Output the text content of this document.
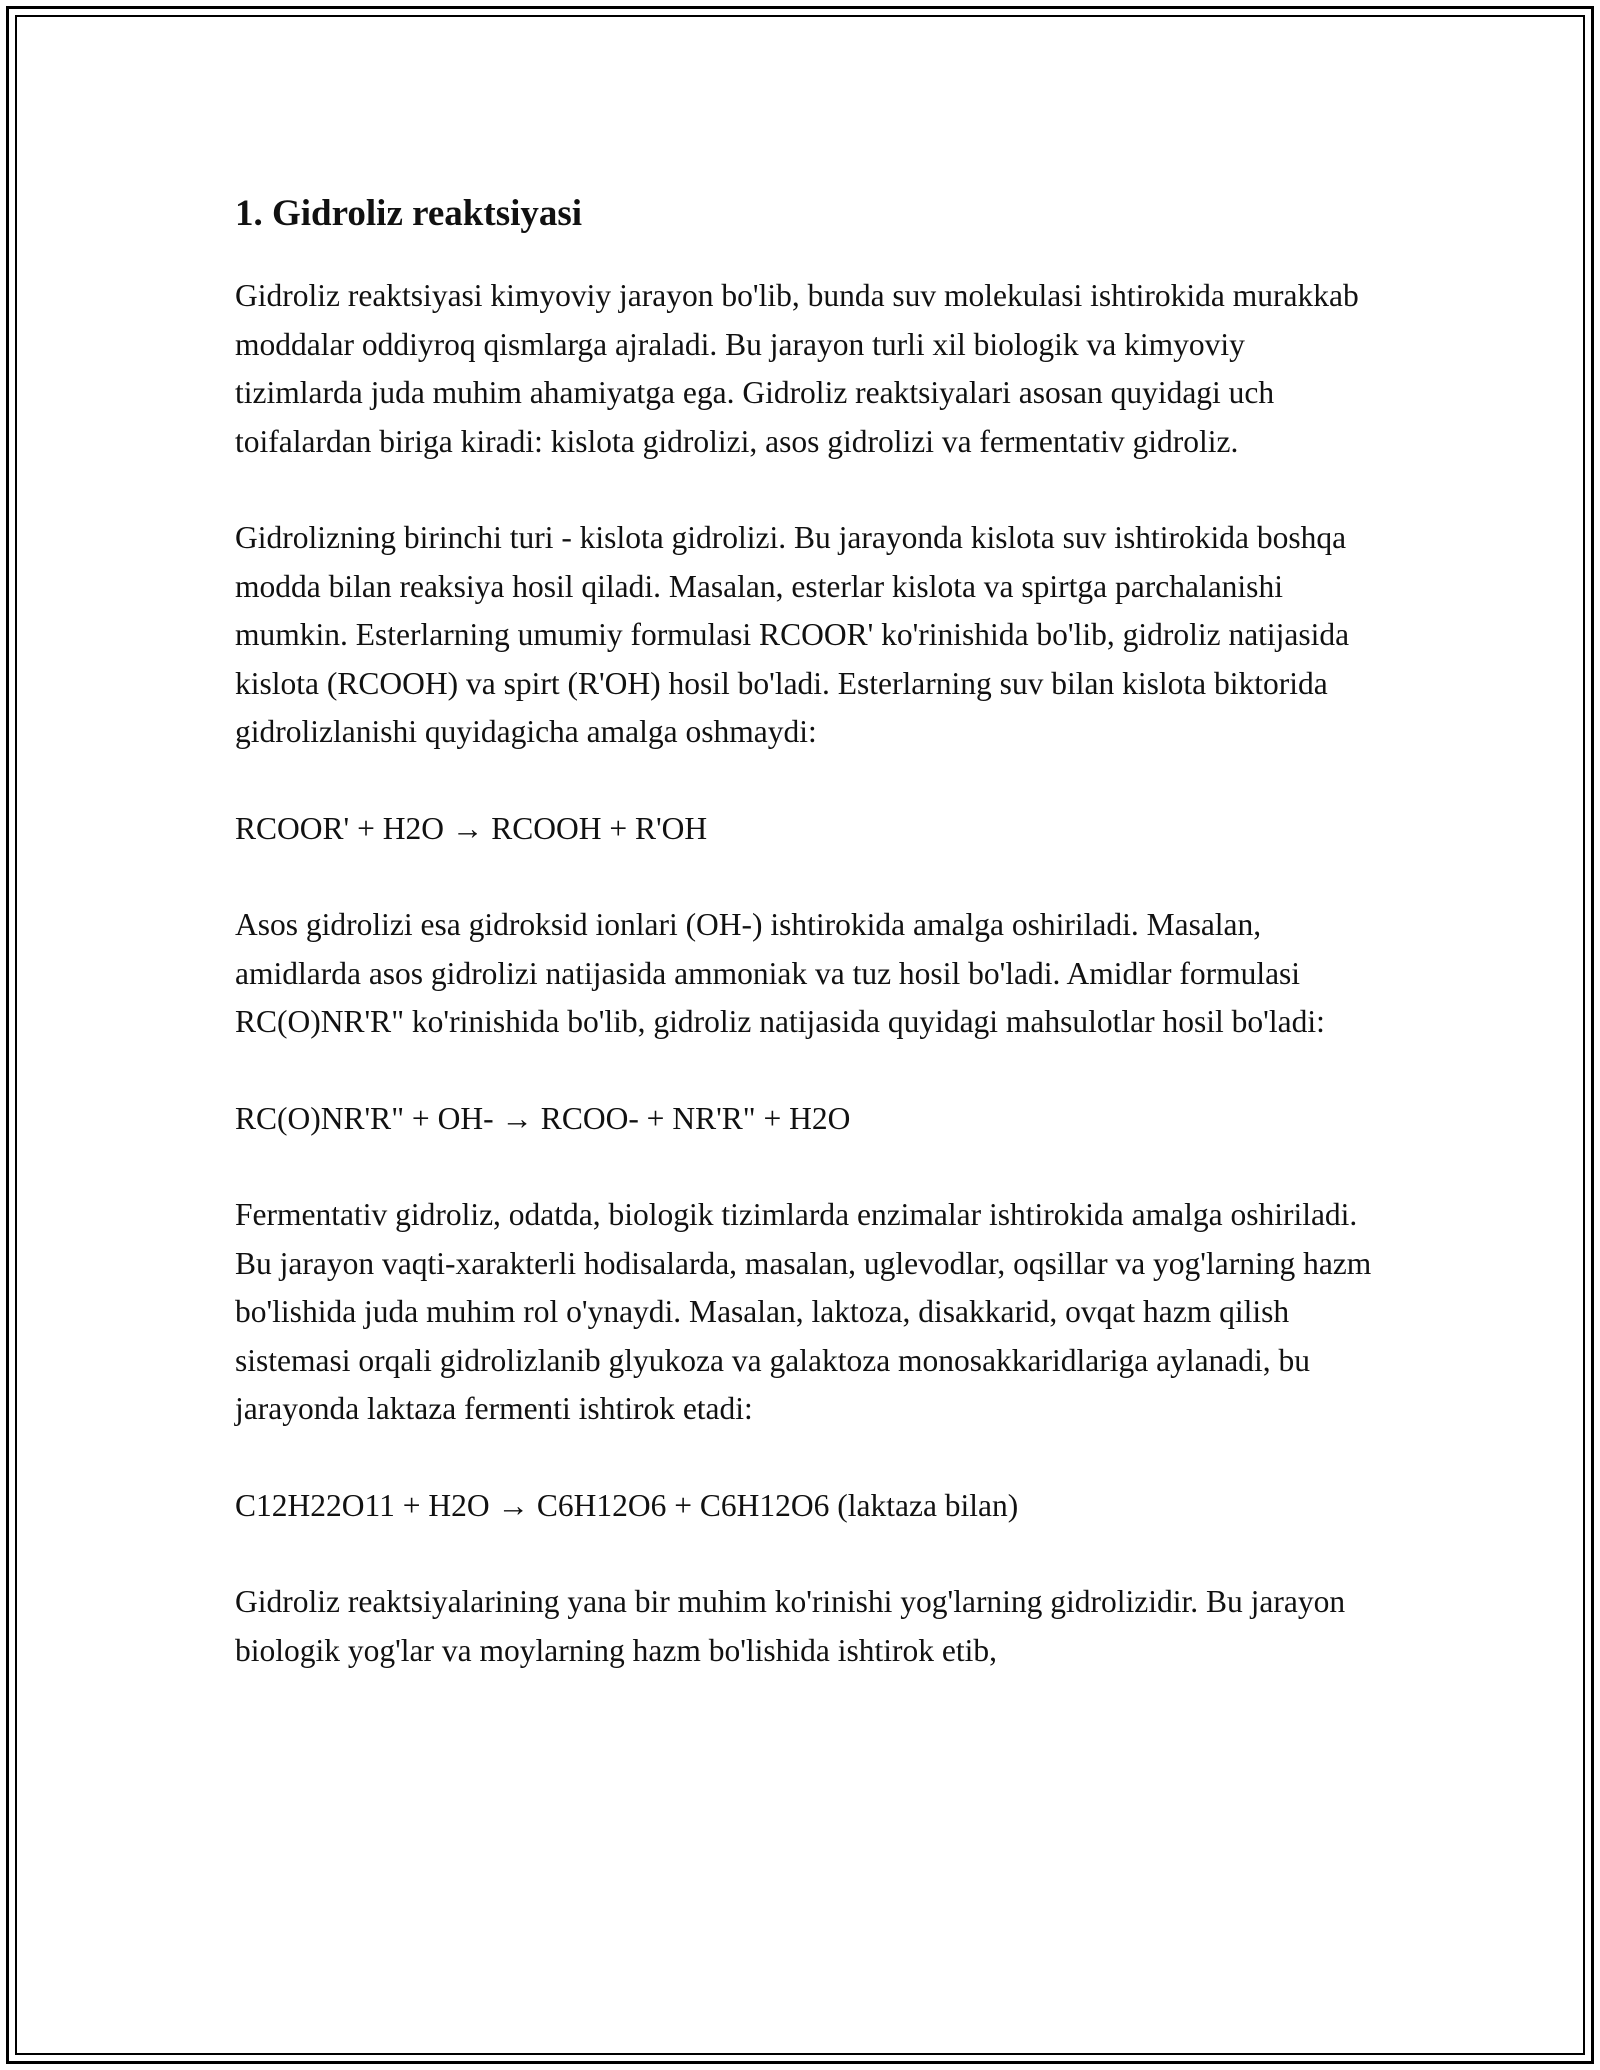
1. Gidroliz reaktsiyasi

Gidroliz reaktsiyasi kimyoviy jarayon bo'lib, bunda suv molekulasi ishtirokida murakkab moddalar oddiyroq qismlarga ajraladi. Bu jarayon turli xil biologik va kimyoviy tizimlarda juda muhim ahamiyatga ega. Gidroliz reaktsiyalari asosan quyidagi uch toifalardan biriga kiradi: kislota gidrolizi, asos gidrolizi va fermentativ gidroliz.

Gidrolizning birinchi turi - kislota gidrolizi. Bu jarayonda kislota suv ishtirokida boshqa modda bilan reaksiya hosil qiladi. Masalan, esterlar kislota va spirtga parchalanishi mumkin. Esterlarning umumiy formulasi RCOOR' ko'rinishida bo'lib, gidroliz natijasida kislota (RCOOH) va spirt (R'OH) hosil bo'ladi. Esterlarning suv bilan kislota biktorida gidrolizlanishi quyidagicha amalga oshmaydi:

RCOOR' + H2O → RCOOH + R'OH

Asos gidrolizi esa gidroksid ionlari (OH-) ishtirokida amalga oshiriladi. Masalan, amidlarda asos gidrolizi natijasida ammoniak va tuz hosil bo'ladi. Amidlar formulasi RC(O)NR'R" ko'rinishida bo'lib, gidroliz natijasida quyidagi mahsulotlar hosil bo'ladi:

RC(O)NR'R" + OH- → RCOO- + NR'R" + H2O

Fermentativ gidroliz, odatda, biologik tizimlarda enzimalar ishtirokida amalga oshiriladi. Bu jarayon vaqti-xarakterli hodisalarda, masalan, uglevodlar, oqsillar va yog'larning hazm bo'lishida juda muhim rol o'ynaydi. Masalan, laktoza, disakkarid, ovqat hazm qilish sistemasi orqali gidrolizlanib glyukoza va galaktoza monosakkaridlariga aylanadi, bu jarayonda laktaza fermenti ishtirok etadi:

C12H22O11 + H2O → C6H12O6 + C6H12O6 (laktaza bilan)

Gidroliz reaktsiyalarining yana bir muhim ko'rinishi yog'larning gidrolizidir. Bu jarayon biologik yog'lar va moylarning hazm bo'lishida ishtirok etib,
